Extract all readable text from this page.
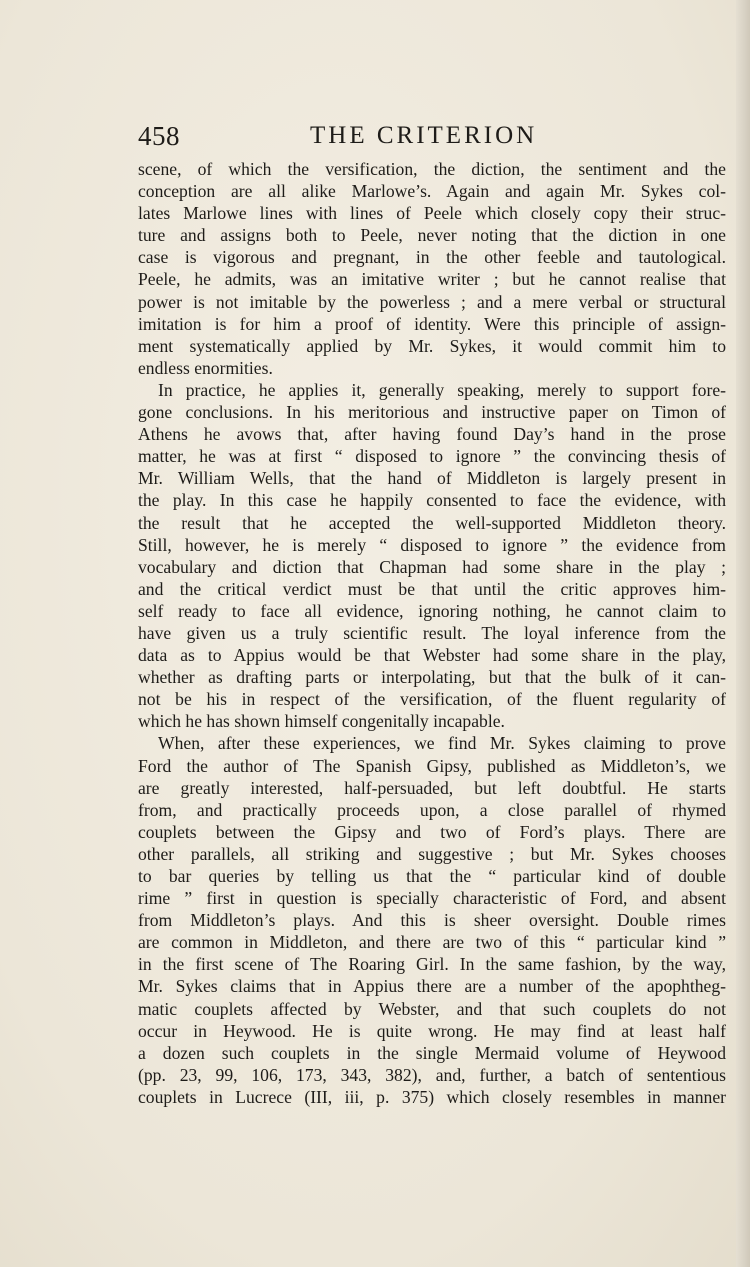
458	THE CRITERION
scene, of which the versification, the diction, the sentiment and the
conception are all alike Marlowe’s. Again and again Mr. Sykes col-
lates Marlowe lines with lines of Peele which closely copy their struc-
ture and assigns both to Peele, never noting that the diction in one
case is vigorous and pregnant, in the other feeble and tautological.
Peele, he admits, was an imitative writer ; but he cannot realise that
power is not imitable by the powerless ; and a mere verbal or structural
imitation is for him a proof of identity. Were this principle of assign-
ment systematically applied by Mr. Sykes, it would commit him to
endless enormities.
In practice, he applies it, generally speaking, merely to support fore-
gone conclusions. In his meritorious and instructive paper on Timon of
Athens he avows that, after having found Day’s hand in the prose
matter, he was at first “ disposed to ignore ” the convincing thesis of
Mr. William Wells, that the hand of Middleton is largely present in
the play. In this case he happily consented to face the evidence, with
the result that he accepted the well-supported Middleton theory.
Still, however, he is merely “ disposed to ignore ” the evidence from
vocabulary and diction that Chapman had some share in the play ;
and the critical verdict must be that until the critic approves him-
self ready to face all evidence, ignoring nothing, he cannot claim to
have given us a truly scientific result. The loyal inference from the
data as to Appius would be that Webster had some share in the play,
whether as drafting parts or interpolating, but that the bulk of it can-
not be his in respect of the versification, of the fluent regularity of
which he has shown himself congenitally incapable.
When, after these experiences, we find Mr. Sykes claiming to prove
Ford the author of The Spanish Gipsy, published as Middleton’s, we
are greatly interested, half-persuaded, but left doubtful. He starts
from, and practically proceeds upon, a close parallel of rhymed
couplets between the Gipsy and two of Ford’s plays. There are
other parallels, all striking and suggestive ; but Mr. Sykes chooses
to bar queries by telling us that the “ particular kind of double
rime ” first in question is specially characteristic of Ford, and absent
from Middleton’s plays. And this is sheer oversight. Double rimes
are common in Middleton, and there are two of this “ particular kind ”
in the first scene of The Roaring Girl. In the same fashion, by the way,
Mr. Sykes claims that in Appius there are a number of the apophtheg-
matic couplets affected by Webster, and that such couplets do not
occur in Heywood. He is quite wrong. He may find at least half
a dozen such couplets in the single Mermaid volume of Heywood
(pp. 23, 99, 106, 173, 343, 382), and, further, a batch of sententious
couplets in Lucrece (III, iii, p. 375) which closely resembles in manner
